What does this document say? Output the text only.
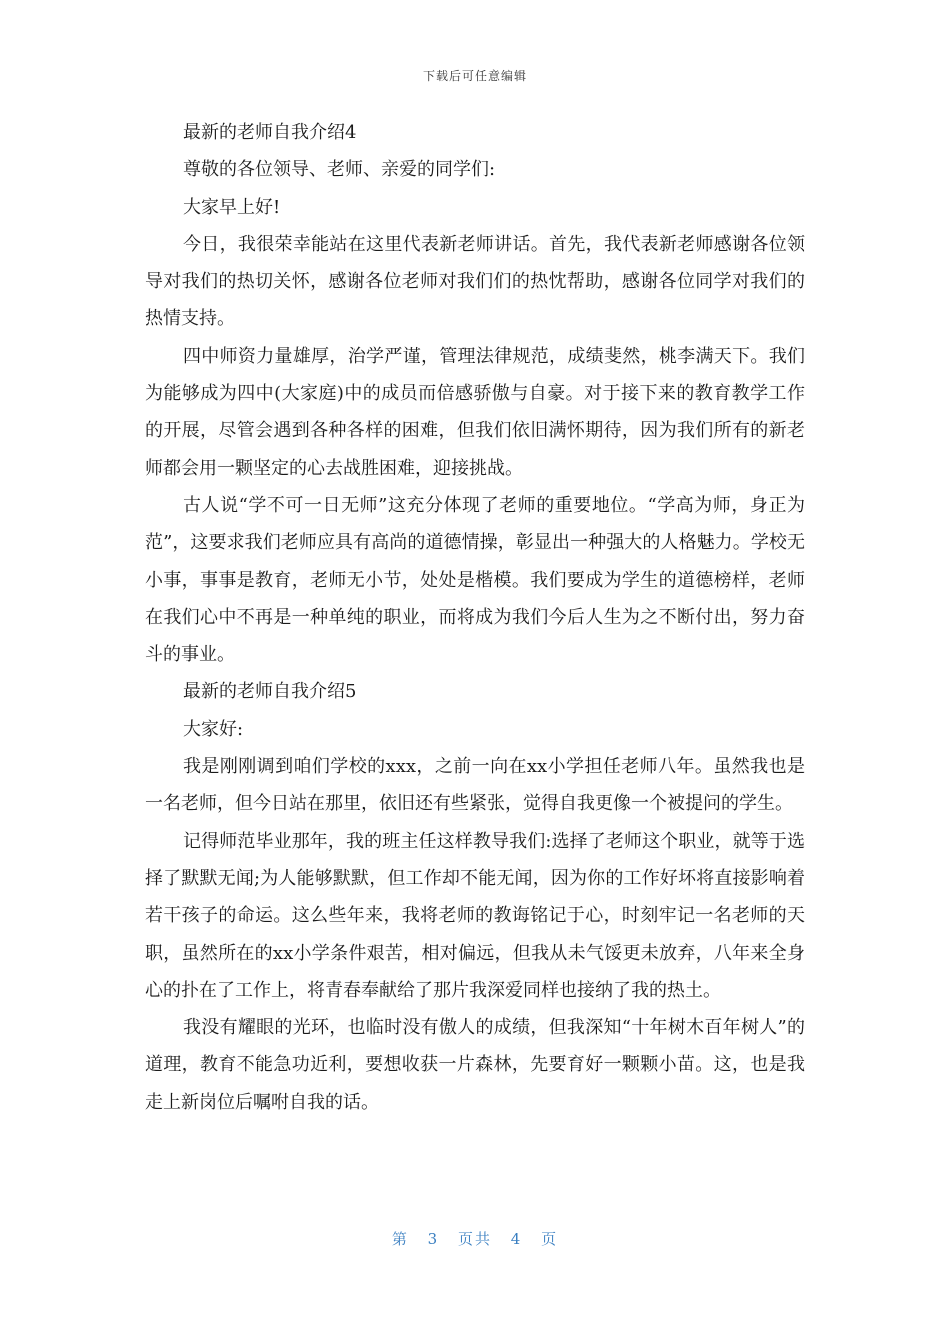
下载后可任意编辑

最新的老师自我介绍4

尊敬的各位领导、老师、亲爱的同学们:

大家早上好!

今日，我很荣幸能站在这里代表新老师讲话。首先，我代表新老师感谢各位领导对我们的热切关怀，感谢各位老师对我们们的热忱帮助，感谢各位同学对我们的热情支持。

四中师资力量雄厚，治学严谨，管理法律规范，成绩斐然，桃李满天下。我们为能够成为四中(大家庭)中的成员而倍感骄傲与自豪。对于接下来的教育教学工作的开展，尽管会遇到各种各样的困难，但我们依旧满怀期待，因为我们所有的新老师都会用一颗坚定的心去战胜困难，迎接挑战。

古人说“学不可一日无师”这充分体现了老师的重要地位。“学高为师，身正为范”，这要求我们老师应具有高尚的道德情操，彰显出一种强大的人格魅力。学校无小事，事事是教育，老师无小节，处处是楷模。我们要成为学生的道德榜样，老师在我们心中不再是一种单纯的职业，而将成为我们今后人生为之不断付出，努力奋斗的事业。

最新的老师自我介绍5

大家好:

我是刚刚调到咱们学校的xxx，之前一向在xx小学担任老师八年。虽然我也是一名老师，但今日站在那里，依旧还有些紧张，觉得自我更像一个被提问的学生。

记得师范毕业那年，我的班主任这样教导我们:选择了老师这个职业，就等于选择了默默无闻;为人能够默默，但工作却不能无闻，因为你的工作好坏将直接影响着若干孩子的命运。这么些年来，我将老师的教诲铭记于心，时刻牢记一名老师的天职，虽然所在的xx小学条件艰苦，相对偏远，但我从未气馁更未放弃，八年来全身心的扑在了工作上，将青春奉献给了那片我深爱同样也接纳了我的热土。

我没有耀眼的光环，也临时没有傲人的成绩，但我深知“十年树木百年树人”的道理，教育不能急功近利，要想收获一片森林，先要育好一颗颗小苗。这，也是我走上新岗位后嘱咐自我的话。

第 3 页共 4 页
